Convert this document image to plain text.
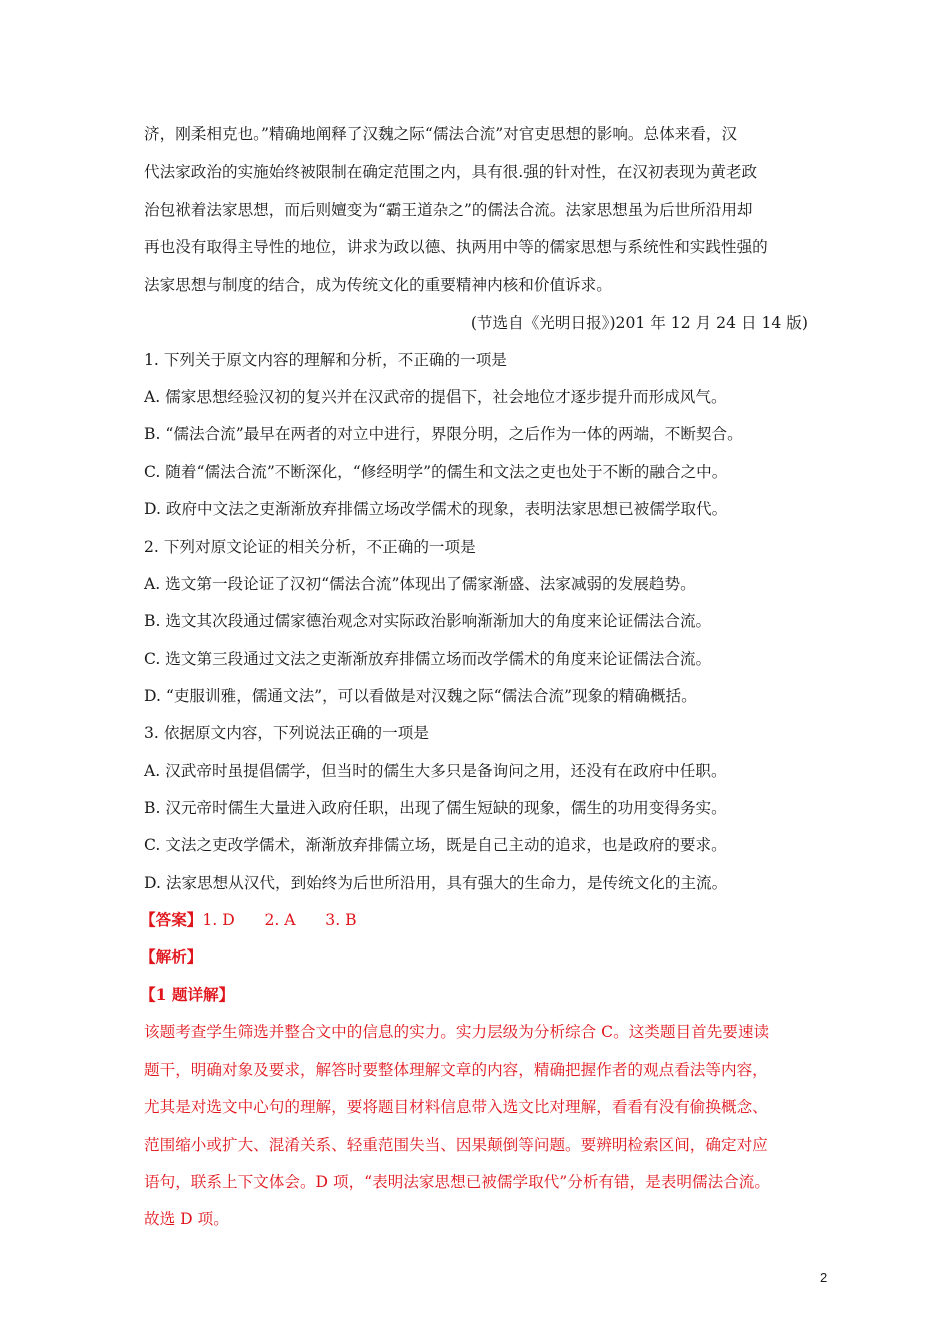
济，刚柔相克也。”精确地阐释了汉魏之际“儒法合流”对官吏思想的影响。总体来看，汉
代法家政治的实施始终被限制在确定范围之内，具有很.强的针对性，在汉初表现为黄老政
治包袱着法家思想，而后则嬗变为“霸王道杂之”的儒法合流。法家思想虽为后世所沿用却
再也没有取得主导性的地位，讲求为政以德、执两用中等的儒家思想与系统性和实践性强的
法家思想与制度的结合，成为传统文化的重要精神内核和价值诉求。
(节选自《光明日报》)201 年 12 月 24 日 14 版)
1. 下列关于原文内容的理解和分析，不正确的一项是
A. 儒家思想经验汉初的复兴并在汉武帝的提倡下，社会地位才逐步提升而形成风气。
B. “儒法合流”最早在两者的对立中进行，界限分明，之后作为一体的两端，不断契合。
C. 随着“儒法合流”不断深化，“修经明学”的儒生和文法之吏也处于不断的融合之中。
D. 政府中文法之吏渐渐放弃排儒立场改学儒术的现象，表明法家思想已被儒学取代。
2. 下列对原文论证的相关分析，不正确的一项是
A. 选文第一段论证了汉初“儒法合流”体现出了儒家渐盛、法家减弱的发展趋势。
B. 选文其次段通过儒家德治观念对实际政治影响渐渐加大的角度来论证儒法合流。
C. 选文第三段通过文法之吏渐渐放弃排儒立场而改学儒术的角度来论证儒法合流。
D. “吏服训雅，儒通文法”，可以看做是对汉魏之际“儒法合流”现象的精确概括。
3. 依据原文内容，下列说法正确的一项是
A. 汉武帝时虽提倡儒学，但当时的儒生大多只是备询问之用，还没有在政府中任职。
B. 汉元帝时儒生大量进入政府任职，出现了儒生短缺的现象，儒生的功用变得务实。
C. 文法之吏改学儒术，渐渐放弃排儒立场，既是自己主动的追求，也是政府的要求。
D. 法家思想从汉代，到始终为后世所沿用，具有强大的生命力，是传统文化的主流。
【答案】1. D      2. A      3. B
【解析】
【1 题详解】
该题考查学生筛选并整合文中的信息的实力。实力层级为分析综合 C。这类题目首先要速读
题干，明确对象及要求，解答时要整体理解文章的内容，精确把握作者的观点看法等内容，
尤其是对选文中心句的理解，要将题目材料信息带入选文比对理解，看看有没有偷换概念、
范围缩小或扩大、混淆关系、轻重范围失当、因果颠倒等问题。要辨明检索区间，确定对应
语句，联系上下文体会。D 项，“表明法家思想已被儒学取代”分析有错，是表明儒法合流。
故选 D 项。
2
